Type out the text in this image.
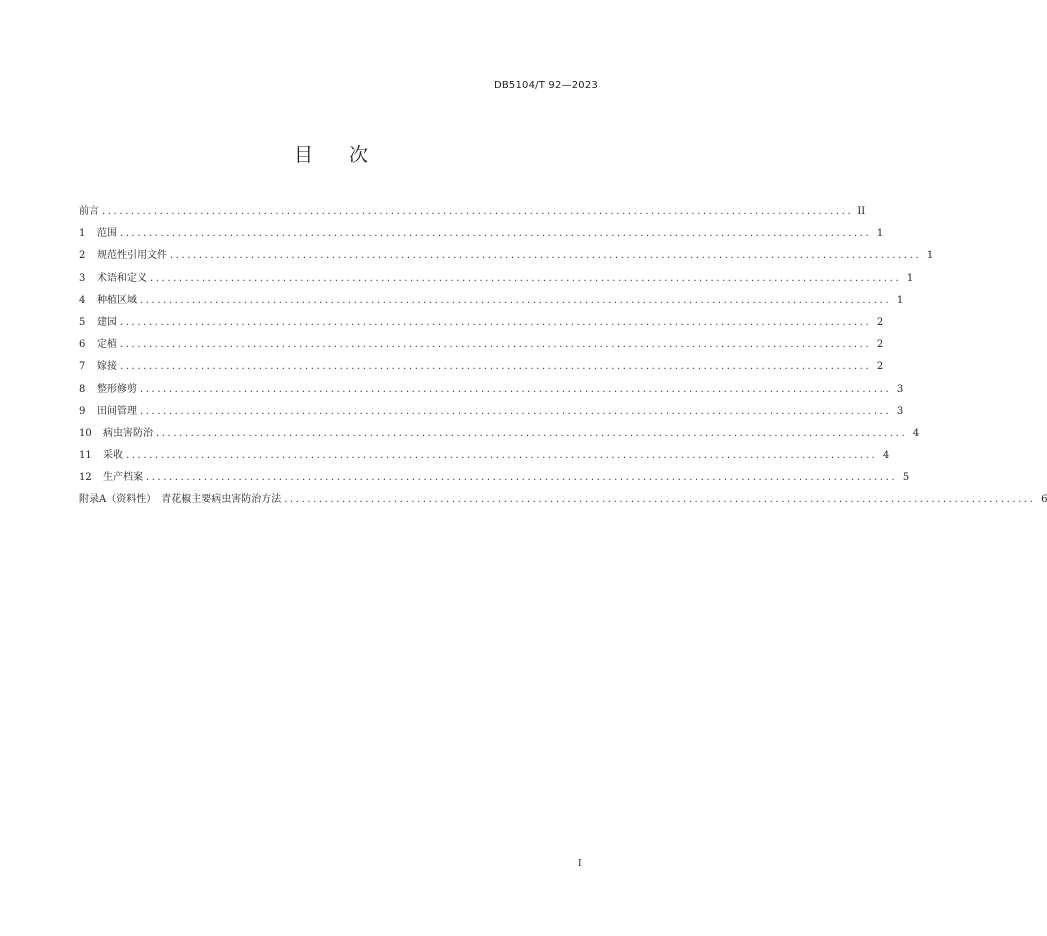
DB5104/T 92—2023
目 次
前言 .................................................................................................................................. II
1	范围 .................................................................................................................................. 1
2	规范性引用文件 .................................................................................................................................. 1
3	术语和定义 .................................................................................................................................. 1
4	种植区域 .................................................................................................................................. 1
5	建园 .................................................................................................................................. 2
6	定植 .................................................................................................................................. 2
7	嫁接 .................................................................................................................................. 2
8	整形修剪 .................................................................................................................................. 3
9	田间管理 .................................................................................................................................. 3
10	病虫害防治 .................................................................................................................................. 4
11	采收 .................................................................................................................................. 4
12	生产档案 .................................................................................................................................. 5
附录A（资料性）　青花椒主要病虫害防治方法 .................................................................................................................................. 6
I
